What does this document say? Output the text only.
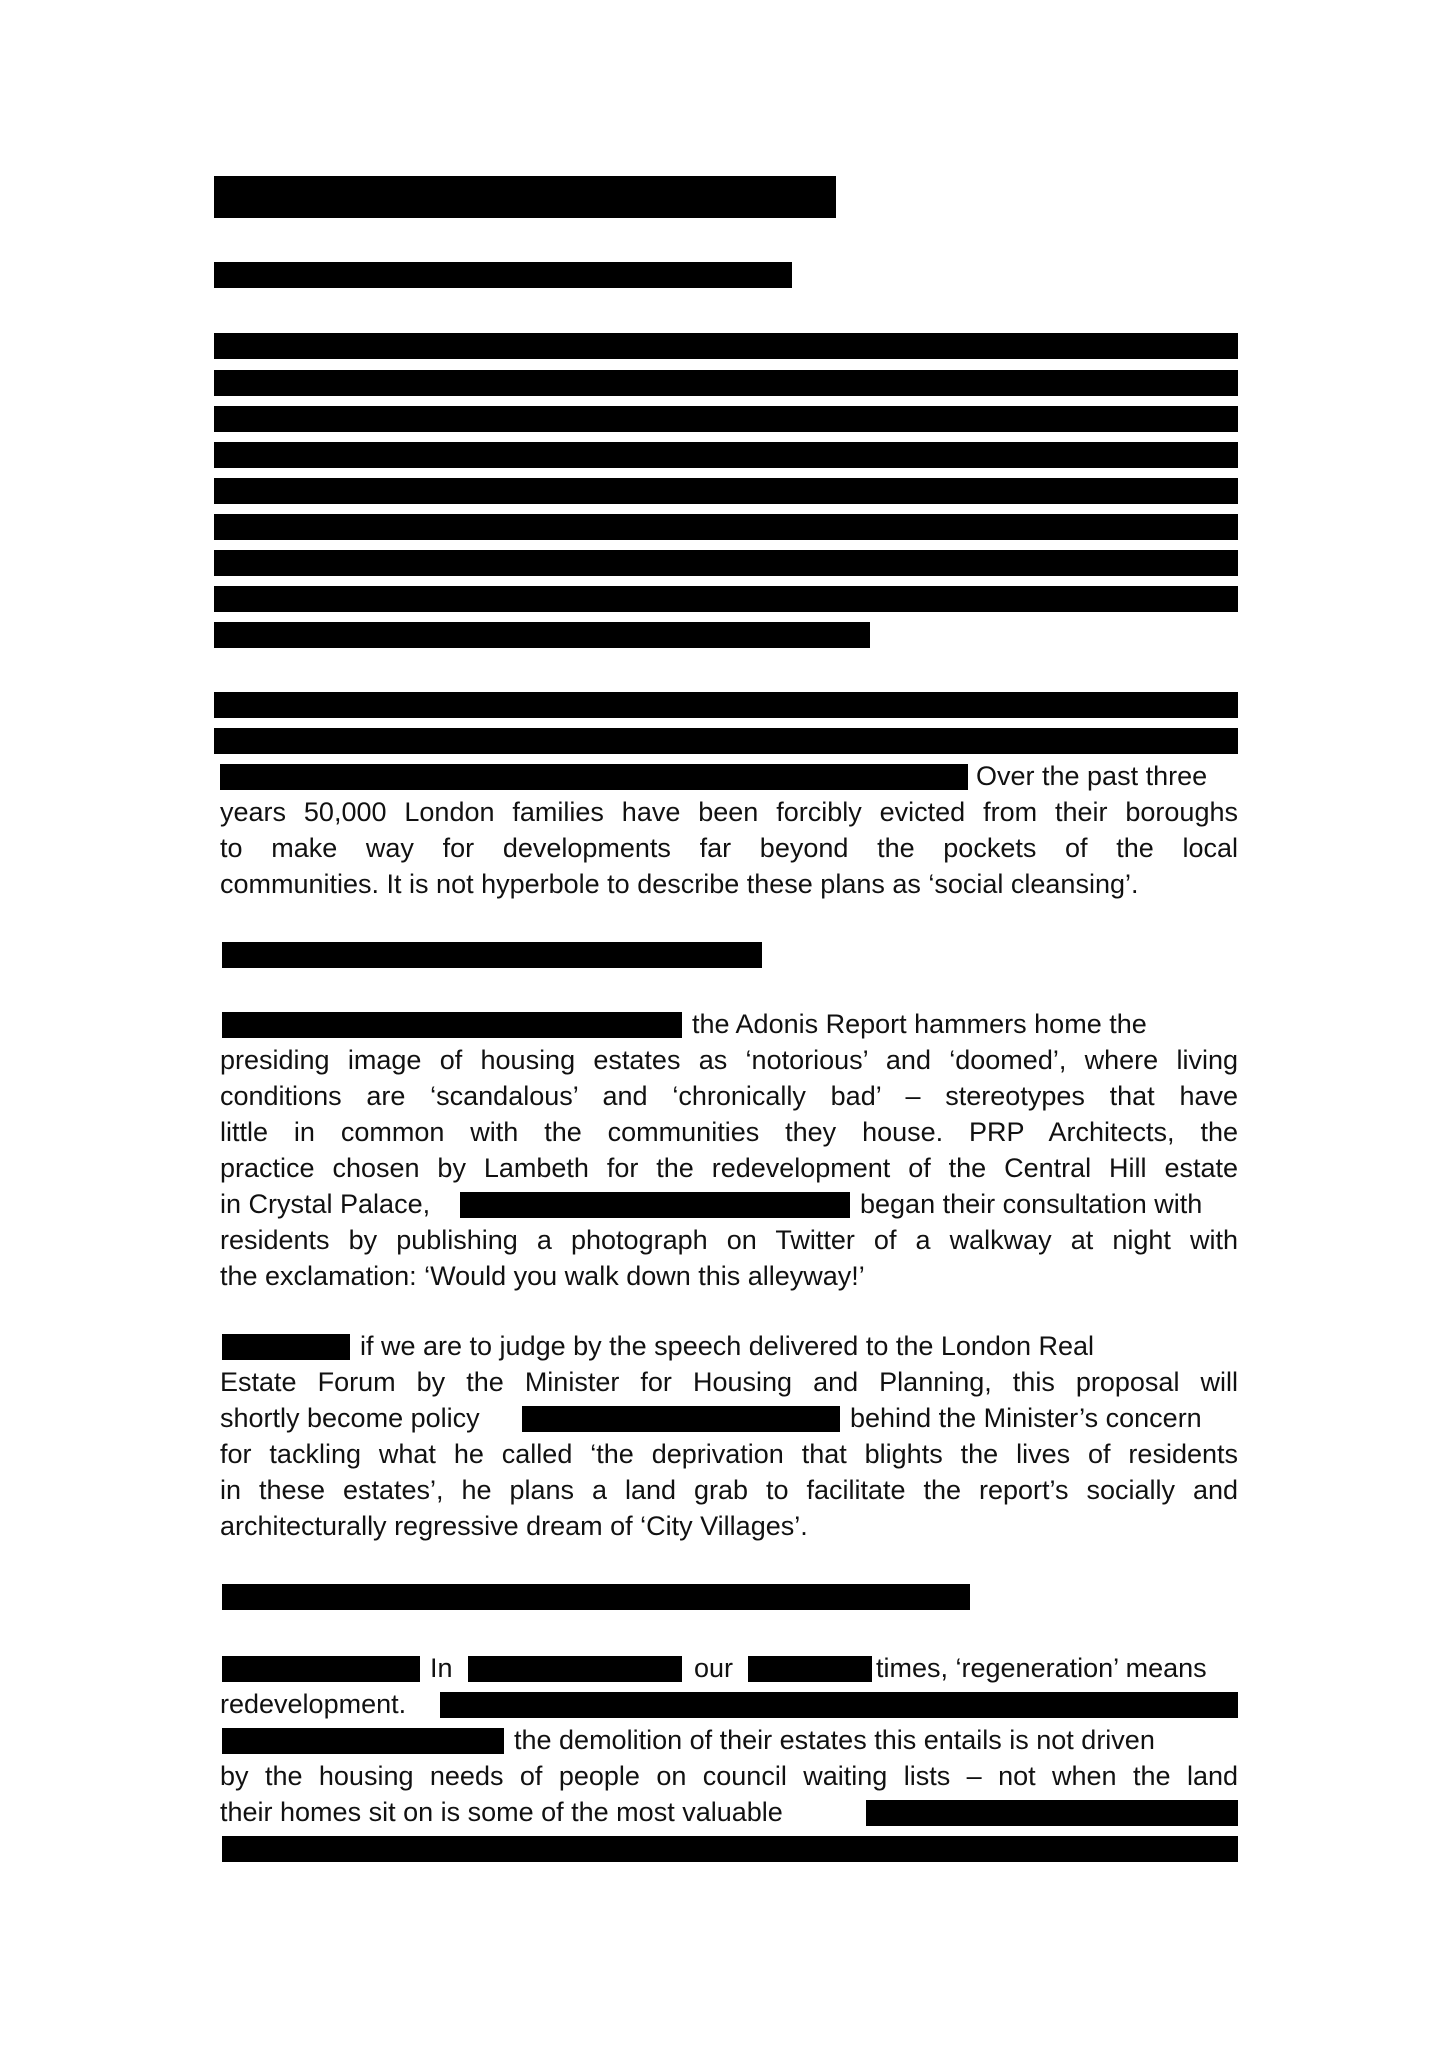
Over the past three
years 50,000 London families have been forcibly evicted from their boroughs
to make way for developments far beyond the pockets of the local
communities. It is not hyperbole to describe these plans as ‘social cleansing’.
the Adonis Report hammers home the
presiding image of housing estates as ‘notorious’ and ‘doomed’, where living
conditions are ‘scandalous’ and ‘chronically bad’ – stereotypes that have
little in common with the communities they house. PRP Architects, the
practice chosen by Lambeth for the redevelopment of the Central Hill estate
in Crystal Palace,	began their consultation with
residents by publishing a photograph on Twitter of a walkway at night with
the exclamation: ‘Would you walk down this alleyway!’
if we are to judge by the speech delivered to the London Real
Estate Forum by the Minister for Housing and Planning, this proposal will
shortly become policy	behind the Minister’s concern
for tackling what he called ‘the deprivation that blights the lives of residents
in these estates’, he plans a land grab to facilitate the report’s socially and
architecturally regressive dream of ‘City Villages’.
In	our	times, ‘regeneration’ means
redevelopment.
the demolition of their estates this entails is not driven
by the housing needs of people on council waiting lists – not when the land
their homes sit on is some of the most valuable
